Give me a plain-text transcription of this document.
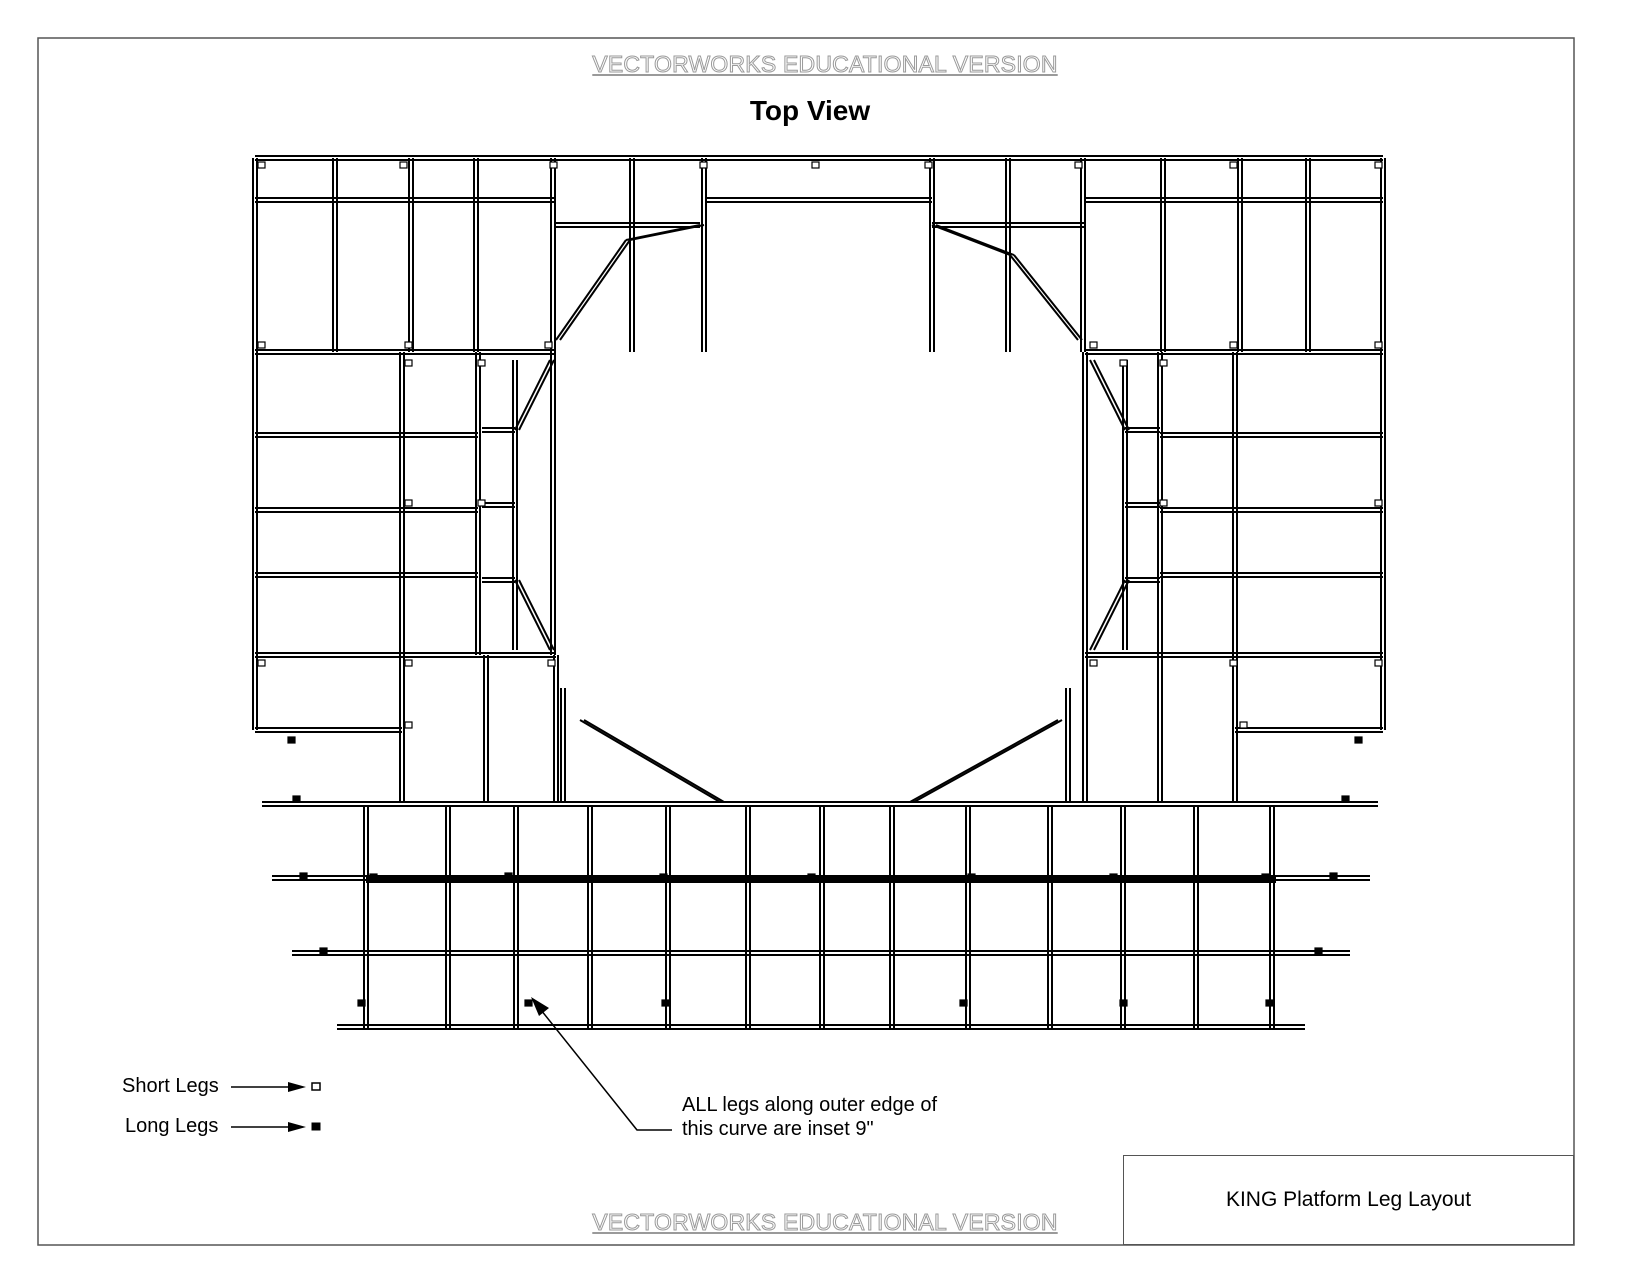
VECTORWORKS EDUCATIONAL VERSION
Top View
Short Legs
Long Legs
ALL legs along outer edge of
this curve are inset 9"
KING Platform Leg Layout
VECTORWORKS EDUCATIONAL VERSION
